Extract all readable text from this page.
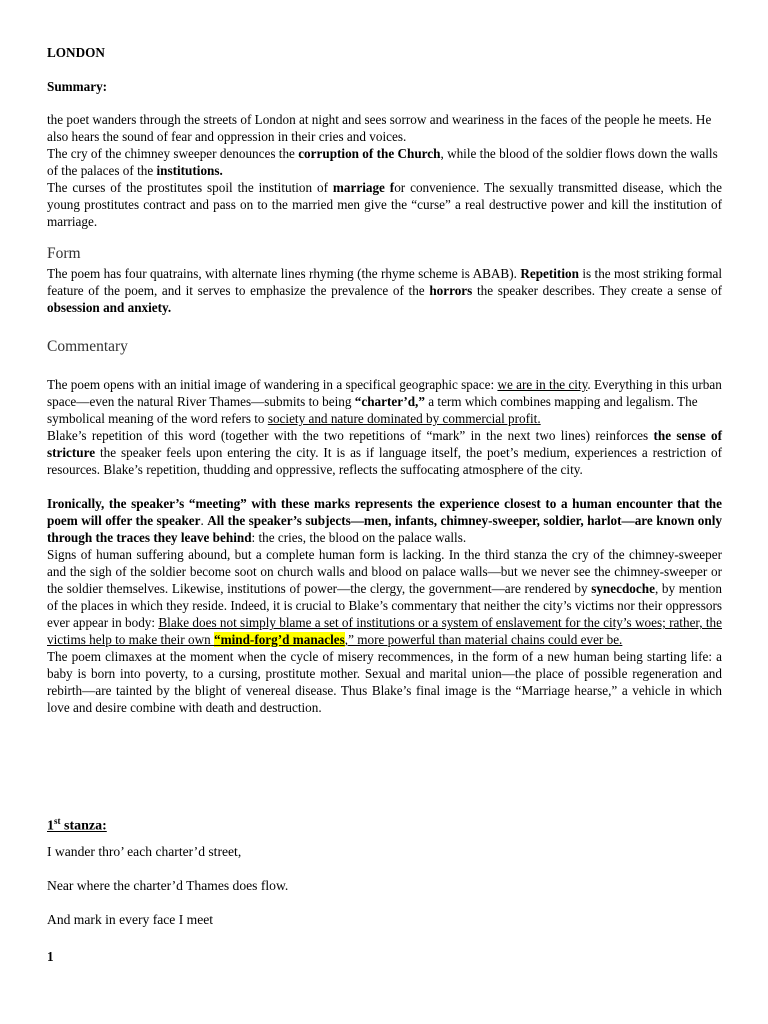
LONDON
Summary:

the poet wanders through the streets of London at night and sees sorrow and weariness in the faces of the people he meets. He also hears the sound of fear and oppression in their cries and voices.

The cry of the chimney sweeper denounces the corruption of the Church, while the blood of the soldier flows down the walls of the palaces of the institutions.

The curses of the prostitutes spoil the institution of marriage for convenience. The sexually transmitted disease, which the young prostitutes contract and pass on to the married men give the “curse” a real destructive power and kill the institution of marriage.

Form
The poem has four quatrains, with alternate lines rhyming (the rhyme scheme is ABAB). Repetition is the most striking formal feature of the poem, and it serves to emphasize the prevalence of the horrors the speaker describes. They create a sense of obsession and anxiety.
Commentary

The poem opens with an initial image of wandering in a specifical geographic space: we are in the city. Everything in this urban space—even the natural River Thames—submits to being “charter’d,” a term which combines mapping and legalism. The symbolical meaning of the word refers to society and nature dominated by commercial profit.

Blake’s repetition of this word (together with the two repetitions of “mark” in the next two lines) reinforces the sense of stricture the speaker feels upon entering the city. It is as if language itself, the poet’s medium, experiences a restriction of resources. Blake’s repetition, thudding and oppressive, reflects the suffocating atmosphere of the city.

Ironically, the speaker’s “meeting” with these marks represents the experience closest to a human encounter that the poem will offer the speaker. All the speaker’s subjects—men, infants, chimney-sweeper, soldier, harlot—are known only through the traces they leave behind: the cries, the blood on the palace walls.

Signs of human suffering abound, but a complete human form is lacking. In the third stanza the cry of the chimney-sweeper and the sigh of the soldier become soot on church walls and blood on palace walls—but we never see the chimney-sweeper or the soldier themselves. Likewise, institutions of power—the clergy, the government—are rendered by synecdoche, by mention of the places in which they reside. Indeed, it is crucial to Blake’s commentary that neither the city’s victims nor their oppressors ever appear in body: Blake does not simply blame a set of institutions or a system of enslavement for the city’s woes; rather, the victims help to make their own “mind-forg’d manacles,” more powerful than material chains could ever be.

The poem climaxes at the moment when the cycle of misery recommences, in the form of a new human being starting life: a baby is born into poverty, to a cursing, prostitute mother. Sexual and marital union—the place of possible regeneration and rebirth—are tainted by the blight of venereal disease. Thus Blake’s final image is the “Marriage hearse,” a vehicle in which love and desire combine with death and destruction.

1st stanza:
I wander thro’ each charter’d street,
Near where the charter’d Thames does flow.
And mark in every face I meet
1
